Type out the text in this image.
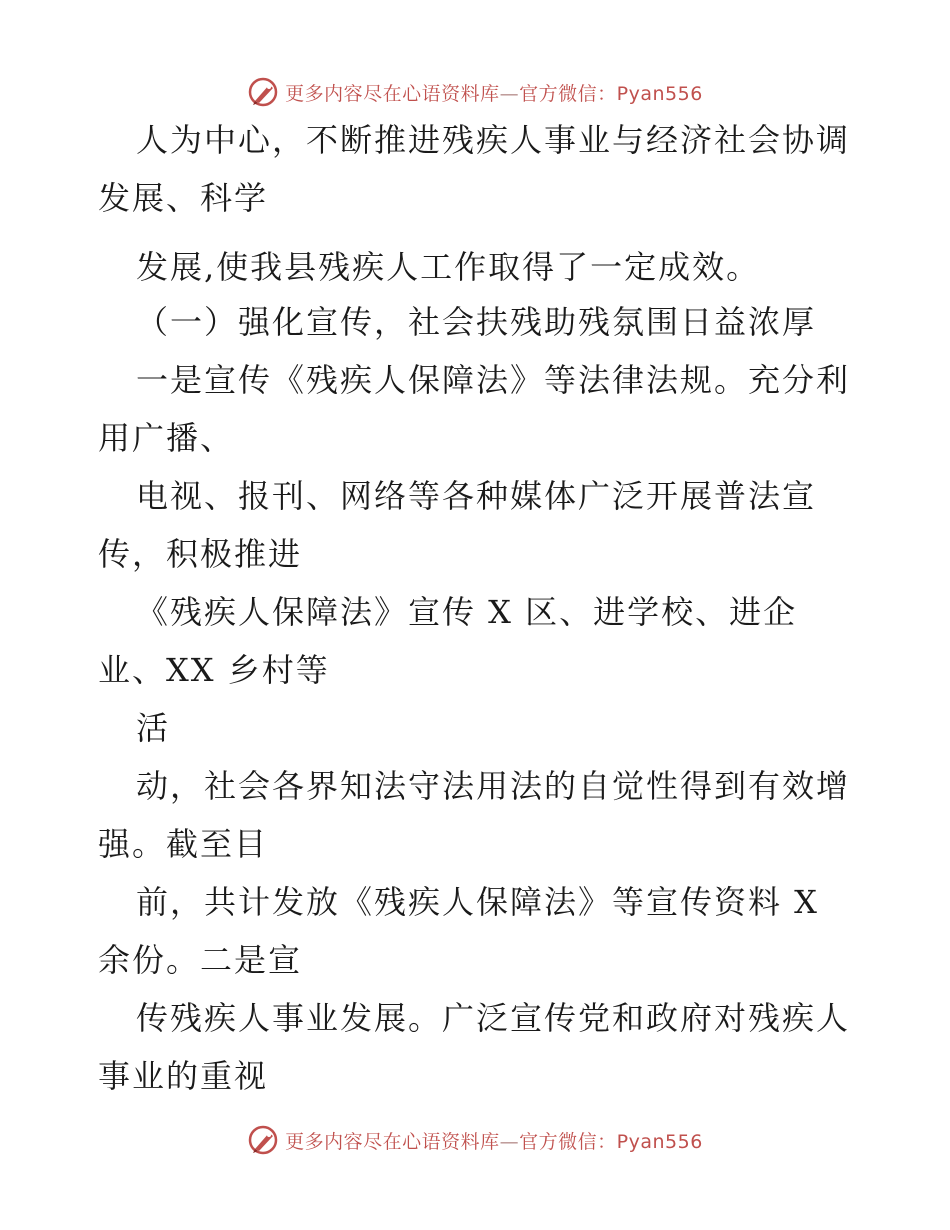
更多内容尽在心语资料库—官方微信：Pyan556
人为中心，不断推进残疾人事业与经济社会协调
发展、科学
发展,使我县残疾人工作取得了一定成效。
（一）强化宣传，社会扶残助残氛围日益浓厚
一是宣传《残疾人保障法》等法律法规。充分利
用广播、
电视、报刊、网络等各种媒体广泛开展普法宣
传，积极推进
《残疾人保障法》宣传 X 区、进学校、进企
业、XX 乡村等
活
动，社会各界知法守法用法的自觉性得到有效增
强。截至目
前，共计发放《残疾人保障法》等宣传资料 X
余份。二是宣
传残疾人事业发展。广泛宣传党和政府对残疾人
事业的重视
更多内容尽在心语资料库—官方微信：Pyan556
